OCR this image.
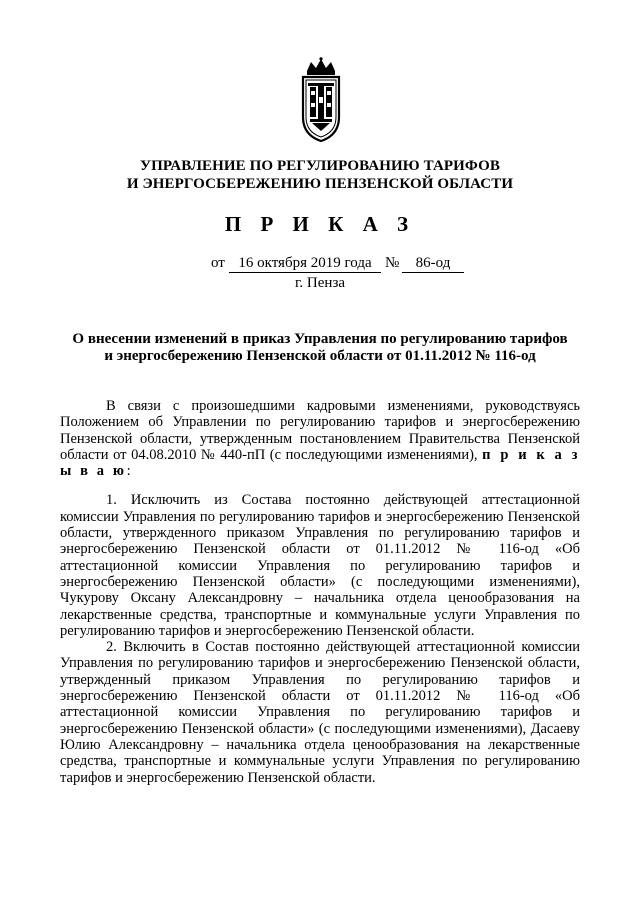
УПРАВЛЕНИЕ ПО РЕГУЛИРОВАНИЮ ТАРИФОВ
И ЭНЕРГОСБЕРЕЖЕНИЮ ПЕНЗЕНСКОЙ ОБЛАСТИ
П Р И К А З
от 16 октября 2019 года №	86-од
г. Пенза
О внесении изменений в приказ Управления по регулированию тарифов
и энергосбережению Пензенской области от 01.11.2012 № 116-од

В связи с произошедшими кадровыми изменениями, руководствуясь Положением об Управлении по регулированию тарифов и энергосбережению Пензенской области, утвержденным постановлением Правительства Пензенской области от 04.08.2010 № 440-пП (с последующими изменениями), п р и к а з ы в а ю:

1. Исключить из Состава постоянно действующей аттестационной комиссии Управления по регулированию тарифов и энергосбережению Пензенской области, утвержденного приказом Управления по регулированию тарифов и энергосбережению Пензенской области от 01.11.2012 № 116-од «Об аттестационной комиссии Управления по регулированию тарифов и энергосбережению Пензенской области» (с последующими изменениями), Чукурову Оксану Александровну – начальника отдела ценообразования на лекарственные средства, транспортные и коммунальные услуги Управления по регулированию тарифов и энергосбережению Пензенской области.

2. Включить в Состав постоянно действующей аттестационной комиссии Управления по регулированию тарифов и энергосбережению Пензенской области, утвержденный приказом Управления по регулированию тарифов и энергосбережению Пензенской области от 01.11.2012 № 116-од «Об аттестационной комиссии Управления по регулированию тарифов и энергосбережению Пензенской области» (с последующими изменениями), Дасаеву Юлию Александровну – начальника отдела ценообразования на лекарственные средства, транспортные и коммунальные услуги Управления по регулированию тарифов и энергосбережению Пензенской области.
